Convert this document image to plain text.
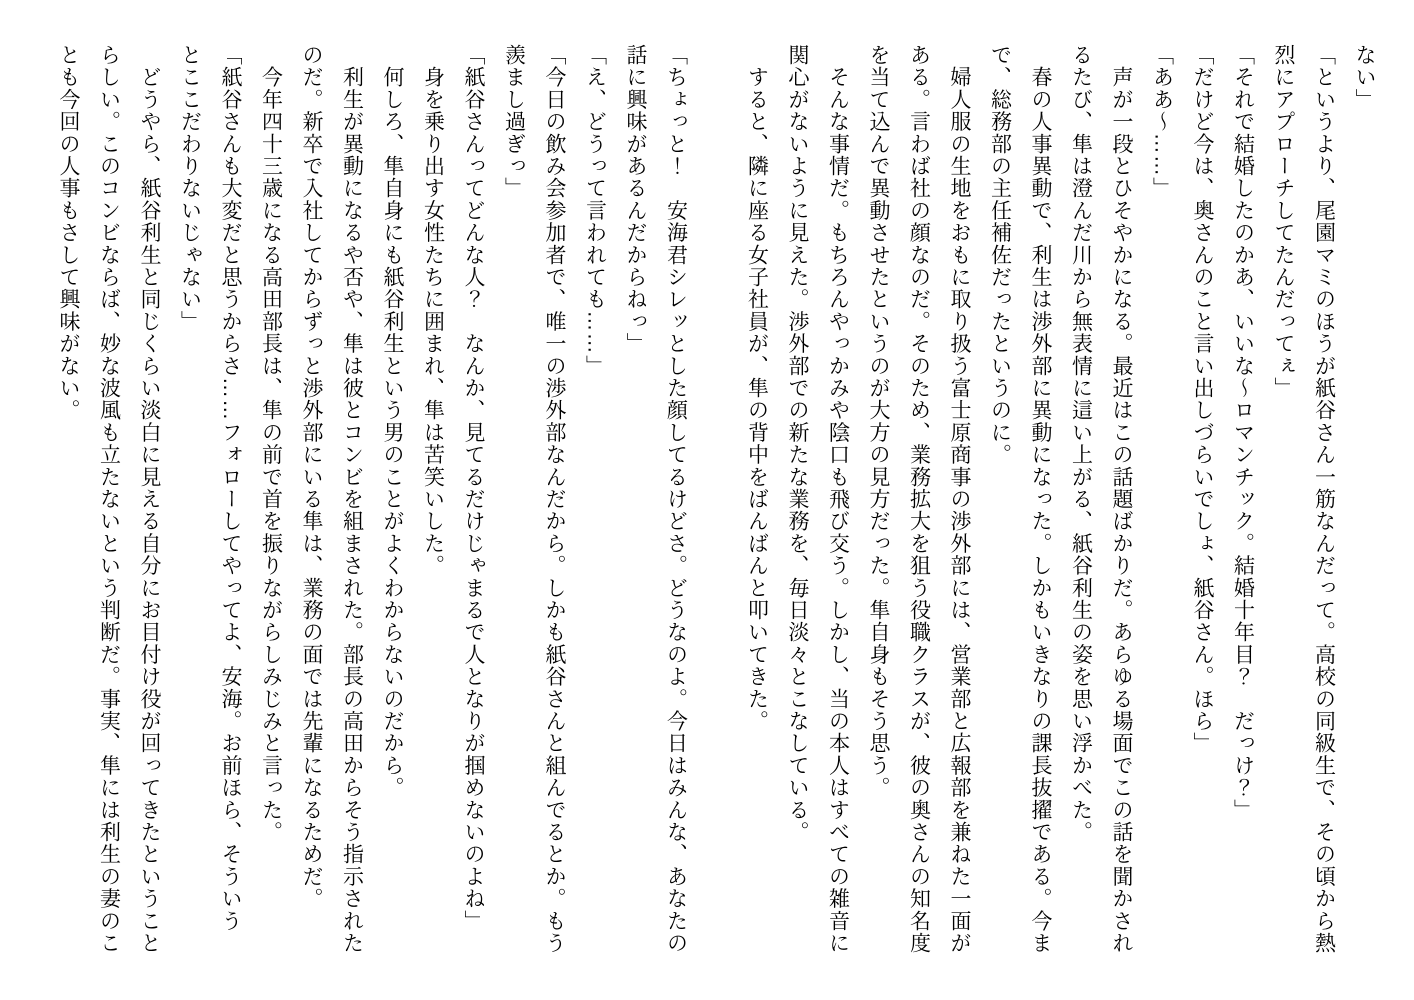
ない」
「というより、尾園マミのほうが紙谷さん一筋なんだって。高校の同級生で、その頃から熱
烈にアプローチしてたんだってぇ」
「それで結婚したのかあ、いいな〜ロマンチック。結婚十年目？　だっけ？」
「だけど今は、奥さんのこと言い出しづらいでしょ、紙谷さん。ほら」
「ああ〜……」
　声が一段とひそやかになる。最近はこの話題ばかりだ。あらゆる場面でこの話を聞かされ
るたび、隼は澄んだ川から無表情に這い上がる、紙谷利生の姿を思い浮かべた。
　春の人事異動で、利生は渉外部に異動になった。しかもいきなりの課長抜擢である。今ま
で、総務部の主任補佐だったというのに。
　婦人服の生地をおもに取り扱う富士原商事の渉外部には、営業部と広報部を兼ねた一面が
ある。言わば社の顔なのだ。そのため、業務拡大を狙う役職クラスが、彼の奥さんの知名度
を当て込んで異動させたというのが大方の見方だった。隼自身もそう思う。
　そんな事情だ。もちろんやっかみや陰口も飛び交う。しかし、当の本人はすべての雑音に
関心がないように見えた。渉外部での新たな業務を、毎日淡々とこなしている。
　すると、隣に座る女子社員が、隼の背中をばんばんと叩いてきた。
「ちょっと！　安海君シレッとした顔してるけどさ。どうなのよ。今日はみんな、あなたの
話に興味があるんだからねっ」
「え、どうって言われても……」
「今日の飲み会参加者で、唯一の渉外部なんだから。しかも紙谷さんと組んでるとか。もう
羨まし過ぎっ」
「紙谷さんってどんな人？　なんか、見てるだけじゃまるで人となりが掴めないのよね」
　身を乗り出す女性たちに囲まれ、隼は苦笑いした。
　何しろ、隼自身にも紙谷利生という男のことがよくわからないのだから。
　利生が異動になるや否や、隼は彼とコンビを組まされた。部長の高田からそう指示された
のだ。新卒で入社してからずっと渉外部にいる隼は、業務の面では先輩になるためだ。
　今年四十三歳になる高田部長は、隼の前で首を振りながらしみじみと言った。
「紙谷さんも大変だと思うからさ……フォローしてやってよ、安海。お前ほら、そういう
とここだわりないじゃない」
　どうやら、紙谷利生と同じくらい淡白に見える自分にお目付け役が回ってきたということ
らしい。このコンビならば、妙な波風も立たないという判断だ。事実、隼には利生の妻のこ
とも今回の人事もさして興味がない。
